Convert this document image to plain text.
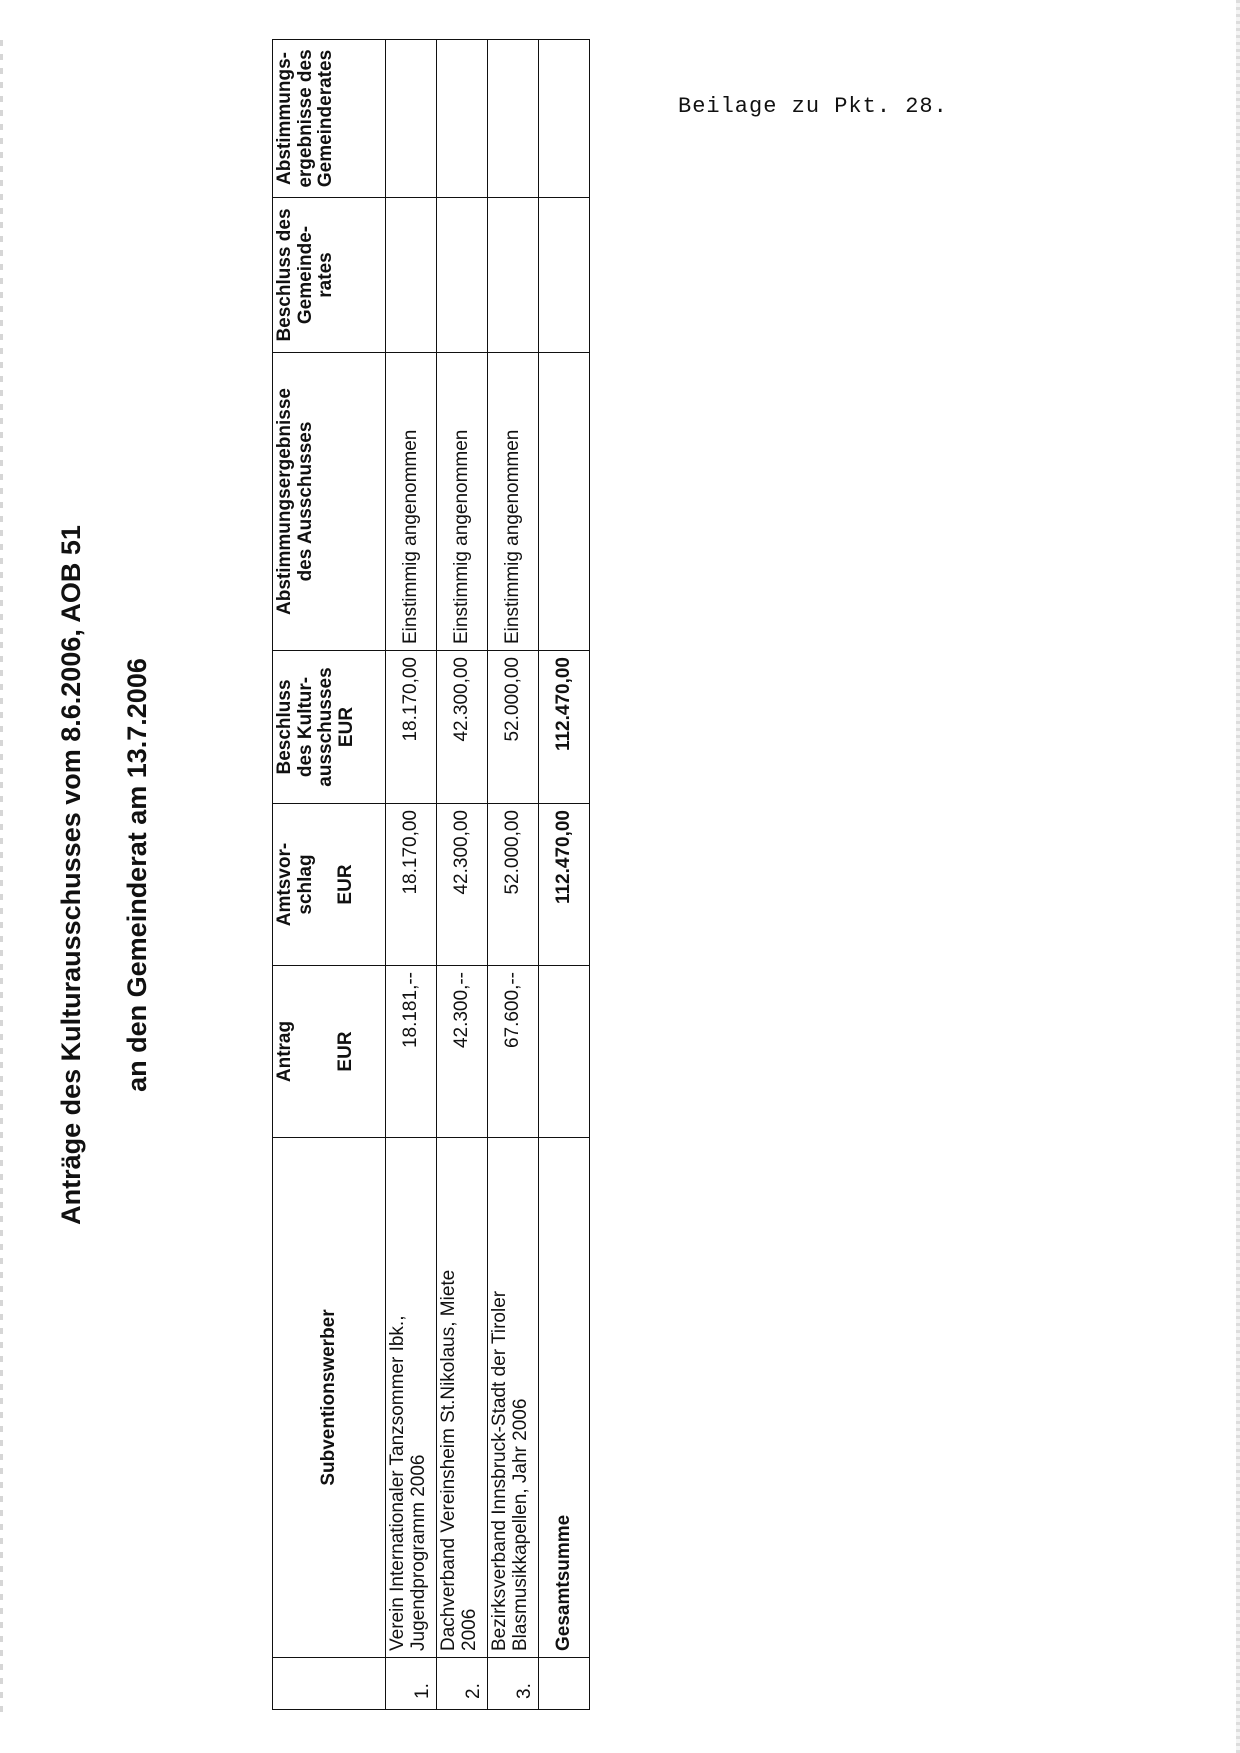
Beilage zu Pkt. 28.
Anträge des Kulturausschusses vom 8.6.2006, AOB 51 an den Gemeinderat am 13.7.2006
	Subventionswerber	Antrag EUR	Amtsvor-
schlag EUR	Beschluss
des Kultur-
ausschusses
EUR	Abstimmungsergebnisse
des Ausschusses	Beschluss des
Gemeinde-
rates	Abstimmungs-
ergebnisse des
Gemeinderates

1.	Verein Internationaler Tanzsommer Ibk.,
Jugendprogramm 2006	18.181,--	18.170,00	18.170,00	Einstimmig angenommen		
2.	Dachverband Vereinsheim St.Nikolaus, Miete
2006	42.300,--	42.300,00	42.300,00	Einstimmig angenommen		
3.	Bezirksverband Innsbruck-Stadt der Tiroler
Blasmusikkapellen, Jahr 2006	67.600,--	52.000,00	52.000,00	Einstimmig angenommen		
	Gesamtsumme		112.470,00	112.470,00			
